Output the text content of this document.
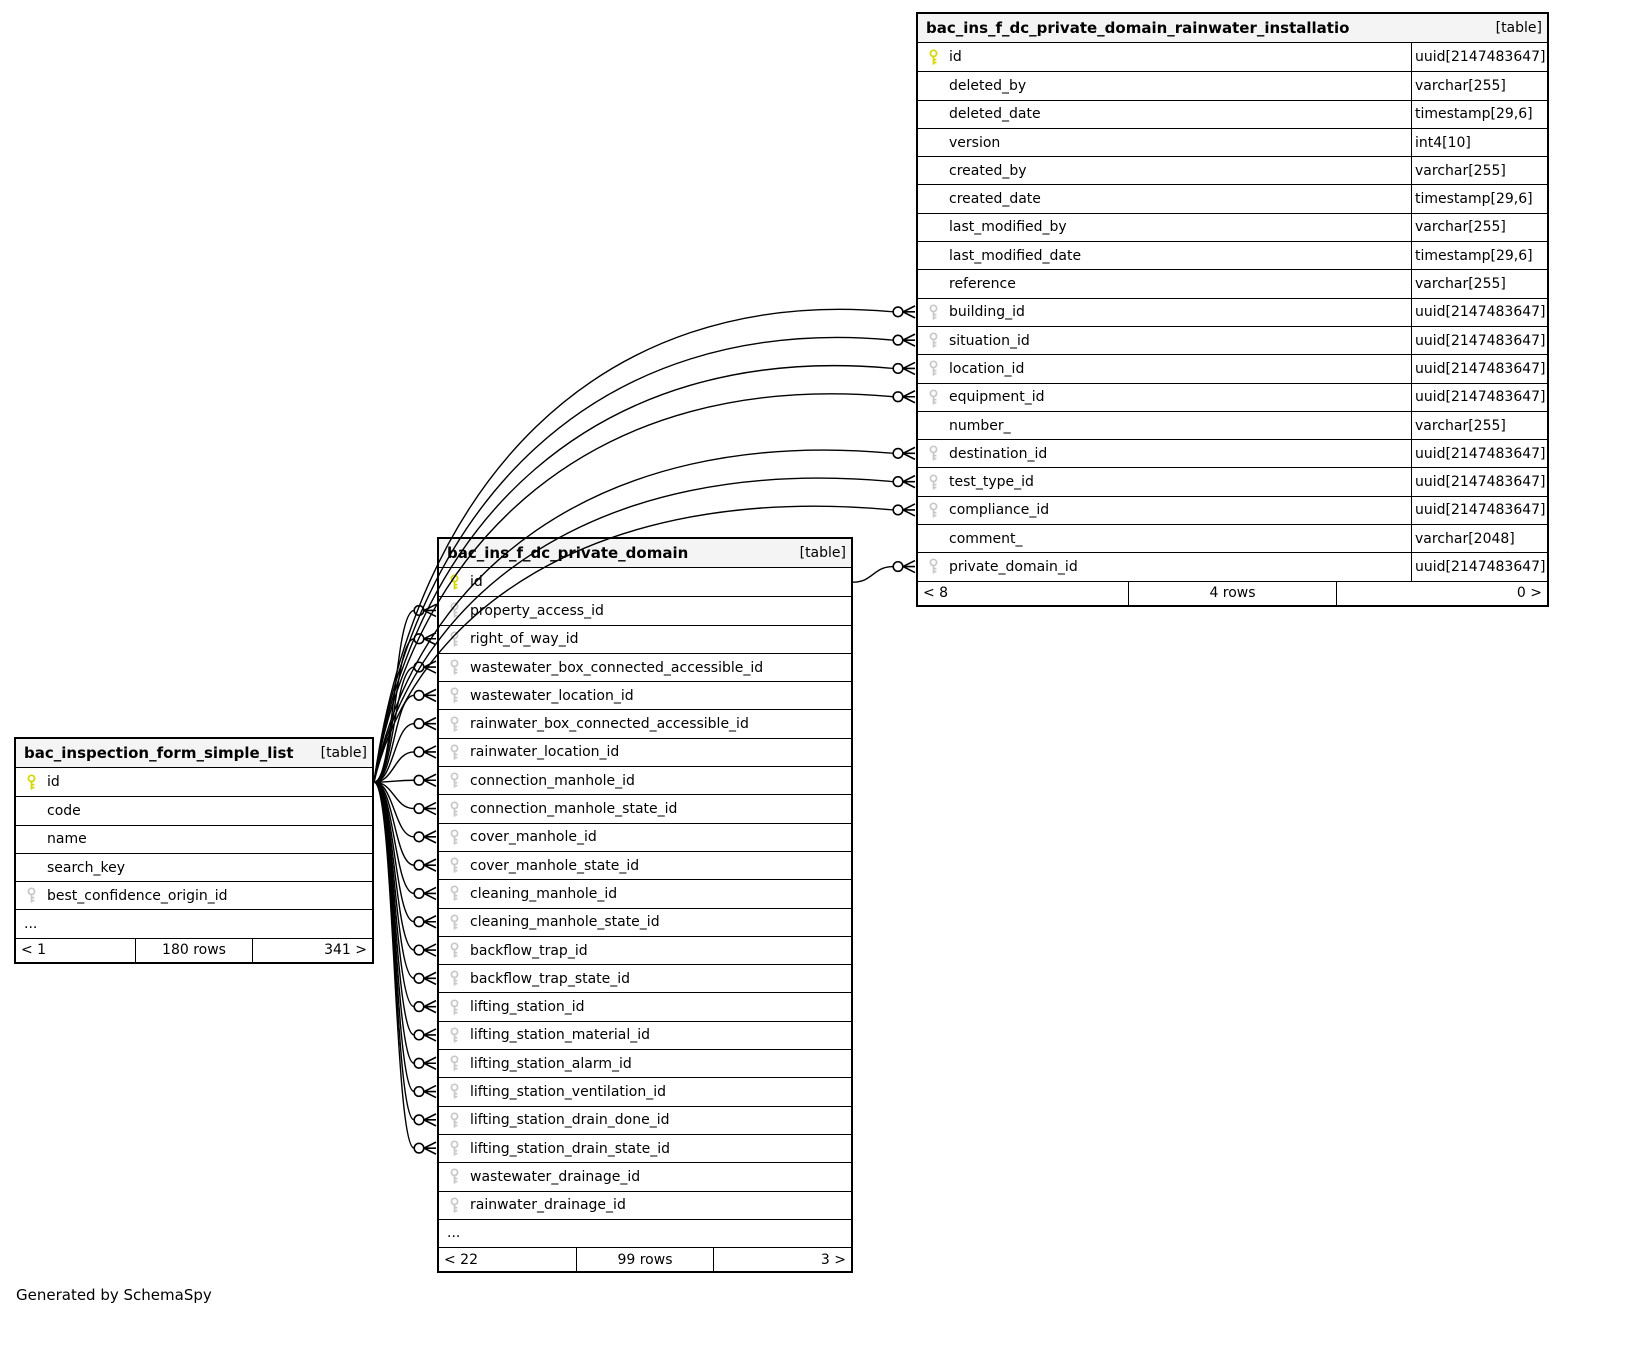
Generated by SchemaSpy
bac_ins_f_dc_private_domain_rainwater_installatio	[table]
id	uuid[2147483647]
deleted_by	varchar[255]
deleted_date	timestamp[29,6]
version	int4[10]
created_by	varchar[255]
created_date	timestamp[29,6]
last_modified_by	varchar[255]
last_modified_date	timestamp[29,6]
reference	varchar[255]
building_id	uuid[2147483647]
situation_id	uuid[2147483647]
location_id	uuid[2147483647]
equipment_id	uuid[2147483647]
number_	varchar[255]
destination_id	uuid[2147483647]
test_type_id	uuid[2147483647]
compliance_id	uuid[2147483647]
comment_	varchar[2048]
private_domain_id	uuid[2147483647]
< 8	4 rows	0 >
bac_ins_f_dc_private_domain	[table]
id
property_access_id
right_of_way_id
wastewater_box_connected_accessible_id
wastewater_location_id
rainwater_box_connected_accessible_id
rainwater_location_id
connection_manhole_id
connection_manhole_state_id
cover_manhole_id
cover_manhole_state_id
cleaning_manhole_id
cleaning_manhole_state_id
backflow_trap_id
backflow_trap_state_id
lifting_station_id
lifting_station_material_id
lifting_station_alarm_id
lifting_station_ventilation_id
lifting_station_drain_done_id
lifting_station_drain_state_id
wastewater_drainage_id
rainwater_drainage_id
...
< 22	99 rows	3 >
bac_inspection_form_simple_list [table]
id
code
name
search_key
best_confidence_origin_id
...
< 1	180 rows	341 >
